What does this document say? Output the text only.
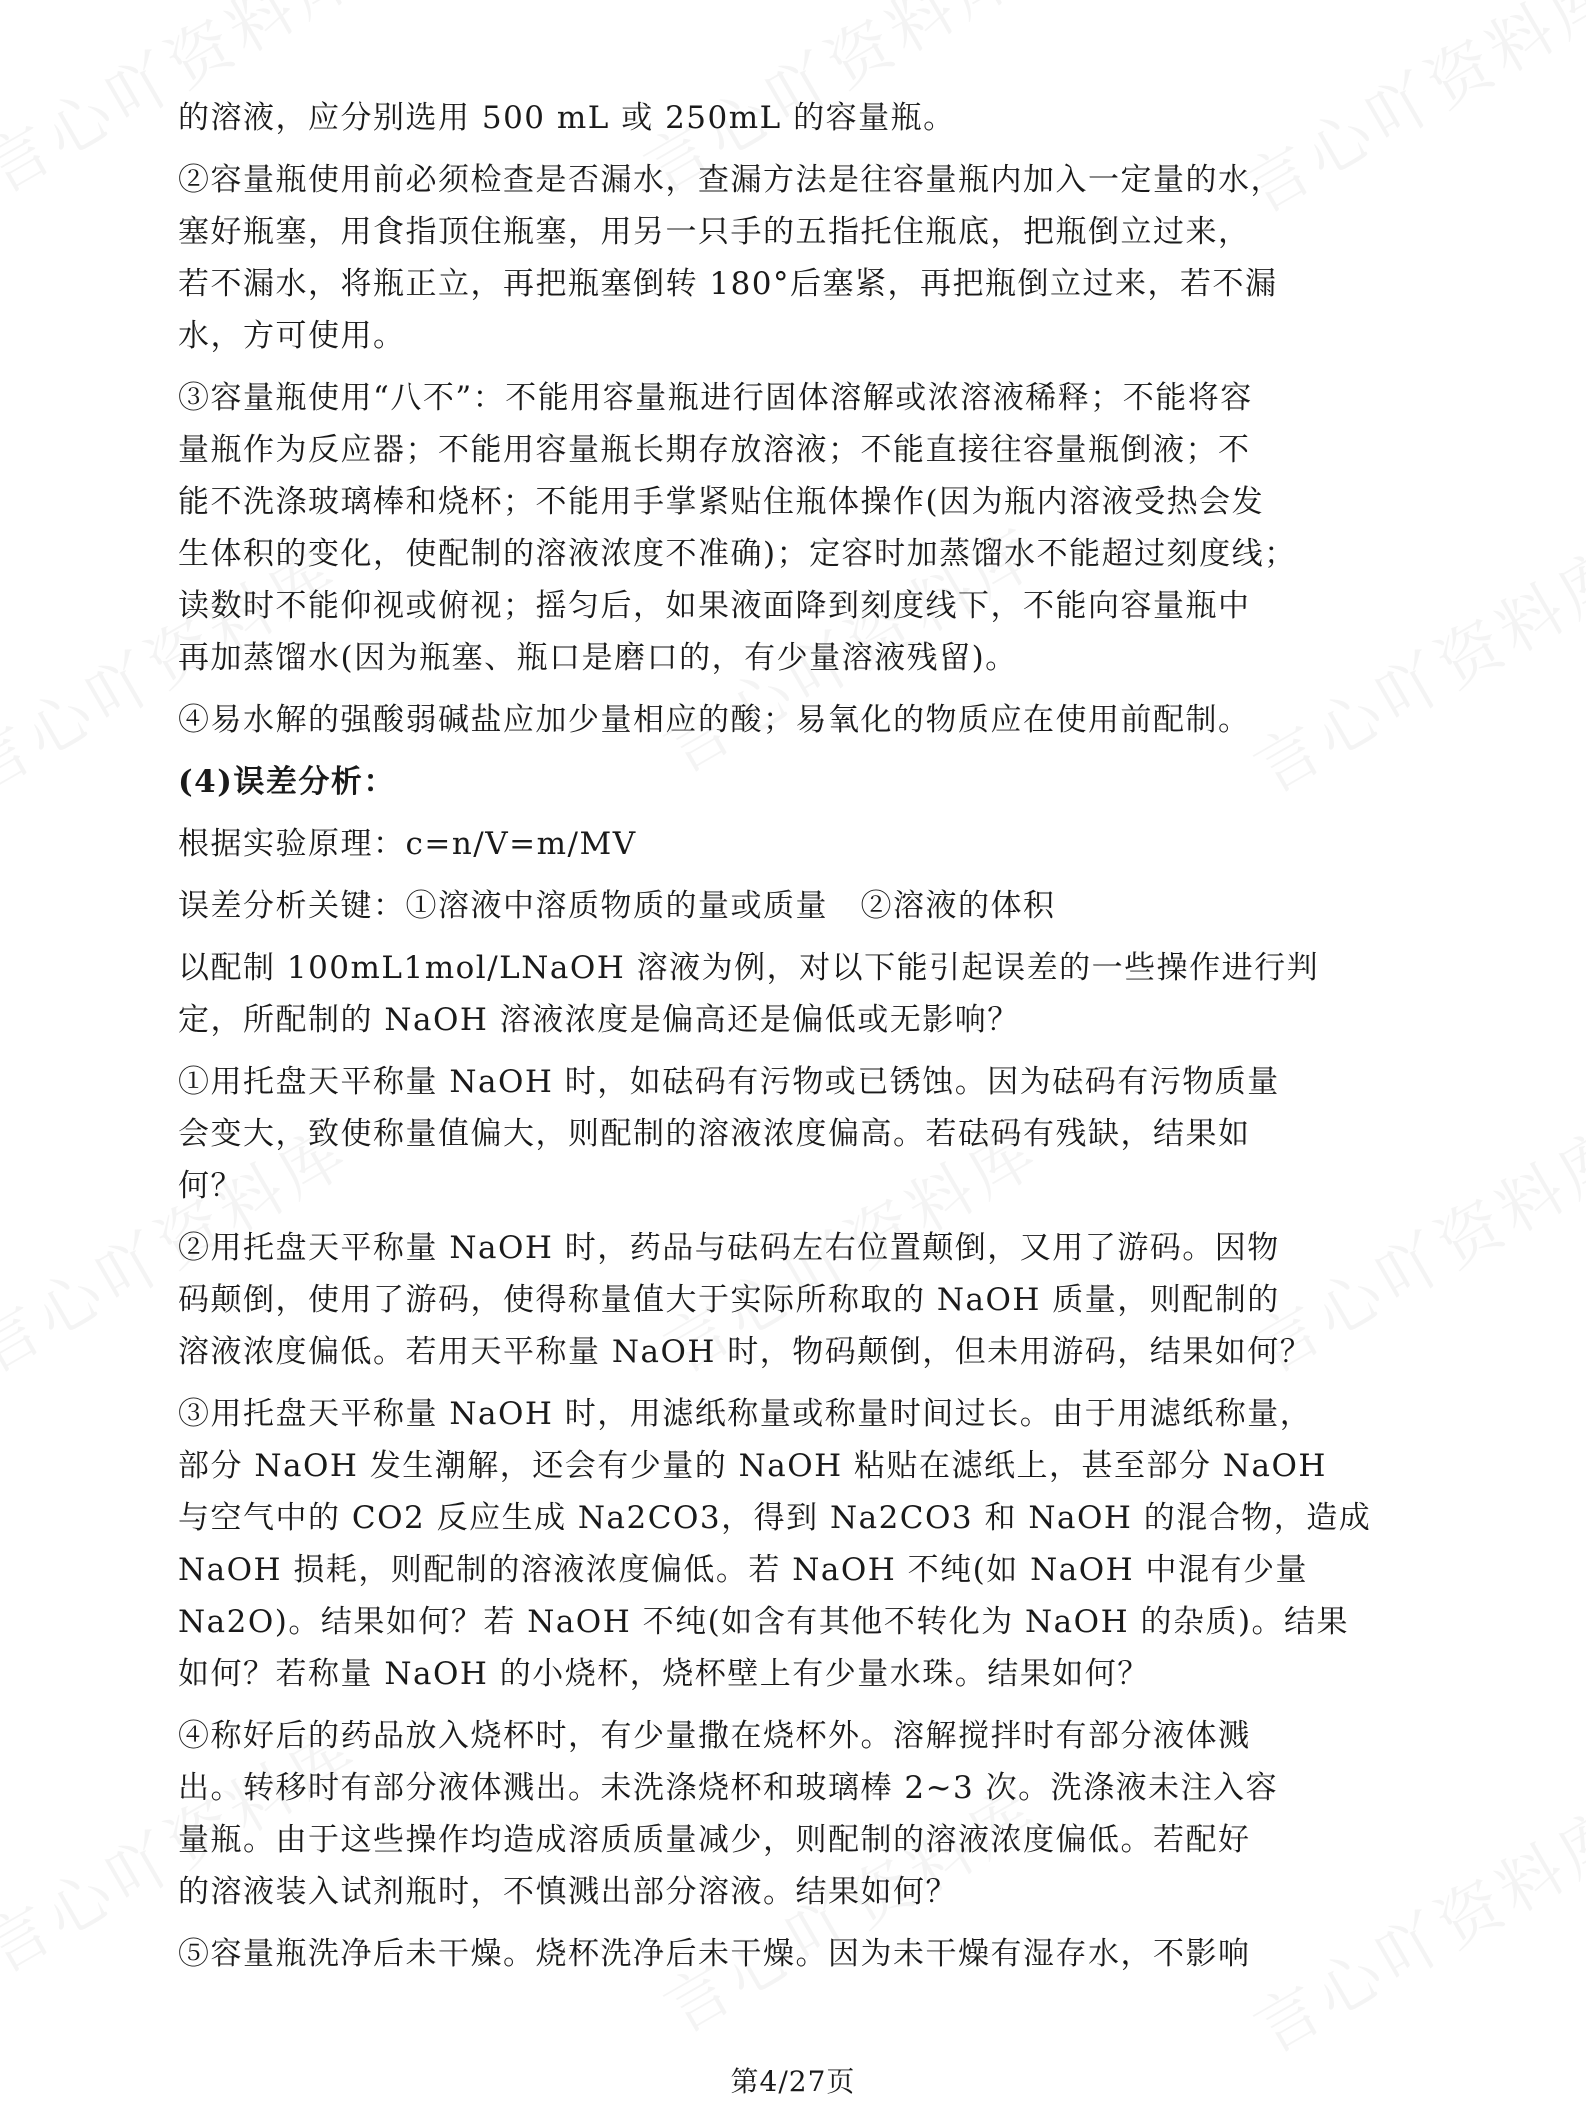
的溶液，应分别选用 500 mL 或 250mL 的容量瓶。
②容量瓶使用前必须检查是否漏水，查漏方法是往容量瓶内加入一定量的水，
塞好瓶塞，用食指顶住瓶塞，用另一只手的五指托住瓶底，把瓶倒立过来，
若不漏水，将瓶正立，再把瓶塞倒转 180°后塞紧，再把瓶倒立过来，若不漏
水，方可使用。
③容量瓶使用“八不”：不能用容量瓶进行固体溶解或浓溶液稀释；不能将容
量瓶作为反应器；不能用容量瓶长期存放溶液；不能直接往容量瓶倒液；不
能不洗涤玻璃棒和烧杯；不能用手掌紧贴住瓶体操作(因为瓶内溶液受热会发
生体积的变化，使配制的溶液浓度不准确)；定容时加蒸馏水不能超过刻度线；
读数时不能仰视或俯视；摇匀后，如果液面降到刻度线下，不能向容量瓶中
再加蒸馏水(因为瓶塞、瓶口是磨口的，有少量溶液残留)。
④易水解的强酸弱碱盐应加少量相应的酸；易氧化的物质应在使用前配制。
(4)误差分析：
根据实验原理：c=n/V=m/MV
误差分析关键：①溶液中溶质物质的量或质量　②溶液的体积
以配制 100mL1mol/LNaOH 溶液为例，对以下能引起误差的一些操作进行判
定，所配制的 NaOH 溶液浓度是偏高还是偏低或无影响？
①用托盘天平称量 NaOH 时，如砝码有污物或已锈蚀。因为砝码有污物质量
会变大，致使称量值偏大，则配制的溶液浓度偏高。若砝码有残缺，结果如
何？
②用托盘天平称量 NaOH 时，药品与砝码左右位置颠倒，又用了游码。因物
码颠倒，使用了游码，使得称量值大于实际所称取的 NaOH 质量，则配制的
溶液浓度偏低。若用天平称量 NaOH 时，物码颠倒，但未用游码，结果如何？
③用托盘天平称量 NaOH 时，用滤纸称量或称量时间过长。由于用滤纸称量，
部分 NaOH 发生潮解，还会有少量的 NaOH 粘贴在滤纸上，甚至部分 NaOH
与空气中的 CO2 反应生成 Na2CO3，得到 Na2CO3 和 NaOH 的混合物，造成
NaOH 损耗，则配制的溶液浓度偏低。若 NaOH 不纯(如 NaOH 中混有少量
Na2O)。结果如何？若 NaOH 不纯(如含有其他不转化为 NaOH 的杂质)。结果
如何？若称量 NaOH 的小烧杯，烧杯壁上有少量水珠。结果如何？
④称好后的药品放入烧杯时，有少量撒在烧杯外。溶解搅拌时有部分液体溅
出。转移时有部分液体溅出。未洗涤烧杯和玻璃棒 2~3 次。洗涤液未注入容
量瓶。由于这些操作均造成溶质质量减少，则配制的溶液浓度偏低。若配好
的溶液装入试剂瓶时，不慎溅出部分溶液。结果如何？
⑤容量瓶洗净后未干燥。烧杯洗净后未干燥。因为未干燥有湿存水，不影响
第4/27页
